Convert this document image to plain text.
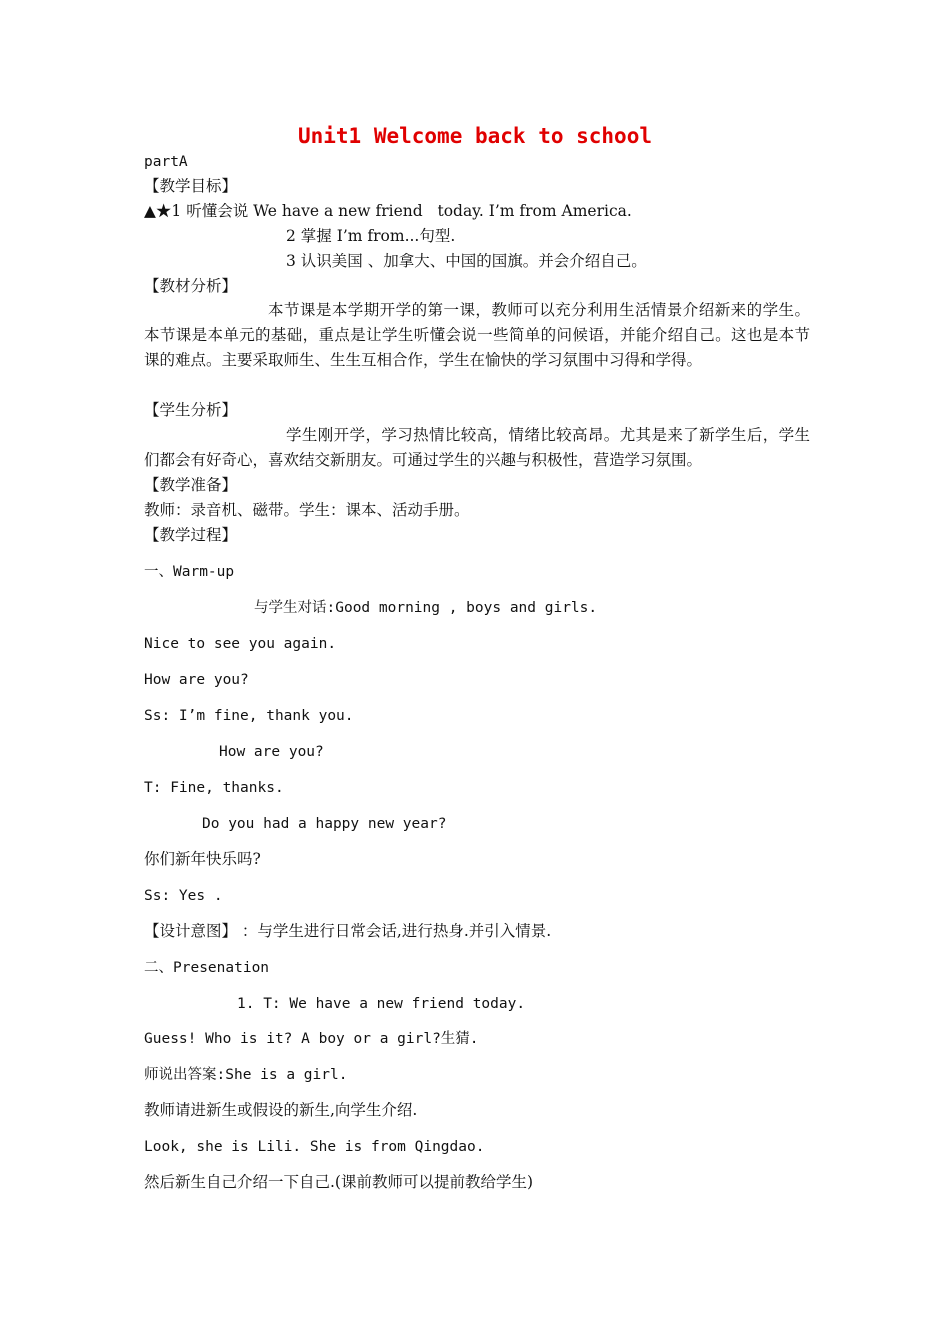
Unit1 Welcome back to school
partA
【教学目标】
▲★1 听懂会说 We have a new friend   today. I’m from America.
2 掌握 I’m from...句型.
3 认识美国 、加拿大、中国的国旗。并会介绍自己。
【教材分析】
本节课是本学期开学的第一课，教师可以充分利用生活情景介绍新来的学生。本节课是本单元的基础，重点是让学生听懂会说一些简单的问候语，并能介绍自己。这也是本节课的难点。主要采取师生、生生互相合作，学生在愉快的学习氛围中习得和学得。
【学生分析】
学生刚开学，学习热情比较高，情绪比较高昂。尤其是来了新学生后，学生们都会有好奇心，喜欢结交新朋友。可通过学生的兴趣与积极性，营造学习氛围。
【教学准备】
教师：录音机、磁带。学生：课本、活动手册。
【教学过程】
一、Warm-up
与学生对话:Good morning , boys and girls.
Nice to see you again.
How are you?
Ss: I’m fine, thank you.
How are you?
T: Fine, thanks.
Do you had a happy new year?
你们新年快乐吗?
Ss: Yes .
【设计意图】 ：与学生进行日常会话,进行热身.并引入情景.
二、Presenation
1. T: We have a new friend today.
Guess! Who is it? A boy or a girl?生猜.
师说出答案:She is a girl.
教师请进新生或假设的新生,向学生介绍.
Look, she is Lili. She is from Qingdao.
然后新生自己介绍一下自己.(课前教师可以提前教给学生)
